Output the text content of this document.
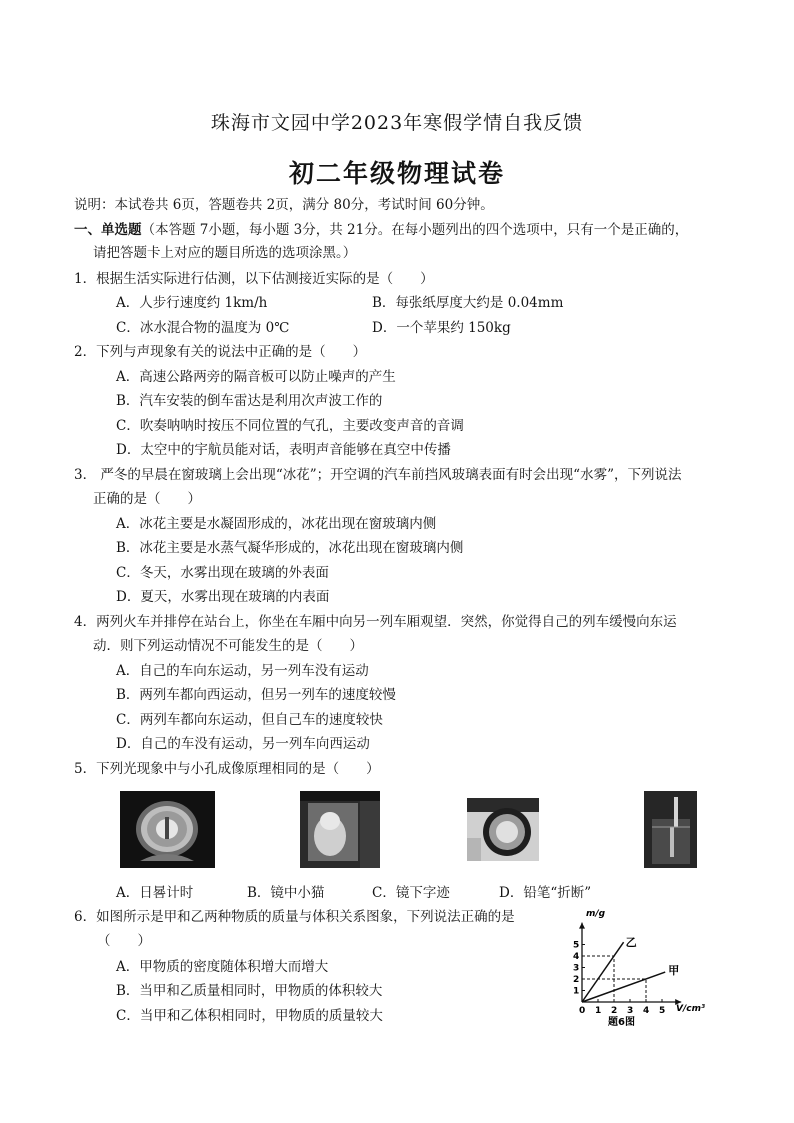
珠海市文园中学2023年寒假学情自我反馈
初二年级物理试卷
说明：本试卷共 6页，答题卷共 2页，满分 80分，考试时间 60分钟。
一、单选题（本答题 7小题，每小题 3分，共 21分。在每小题列出的四个选项中，只有一个是正确的，
请把答题卡上对应的题目所选的选项涂黑。）
1．根据生活实际进行估测，以下估测接近实际的是（　　）
A．人步行速度约 1km/h	B．每张纸厚度大约是 0.04mm
C．冰水混合物的温度为 0℃	D．一个苹果约 150kg
2．下列与声现象有关的说法中正确的是（　　）
A．高速公路两旁的隔音板可以防止噪声的产生
B．汽车安装的倒车雷达是利用次声波工作的
C．吹奏呐呐时按压不同位置的气孔，主要改变声音的音调
D．太空中的宇航员能对话，表明声音能够在真空中传播
3． 严冬的早晨在窗玻璃上会出现“冰花”；开空调的汽车前挡风玻璃表面有时会出现“水雾”，下列说法
正确的是（　　）
A．冰花主要是水凝固形成的，冰花出现在窗玻璃内侧
B．冰花主要是水蒸气凝华形成的，冰花出现在窗玻璃内侧
C．冬天，水雾出现在玻璃的外表面
D．夏天，水雾出现在玻璃的内表面
4．两列火车并排停在站台上，你坐在车厢中向另一列车厢观望．突然，你觉得自己的列车缓慢向东运
动．则下列运动情况不可能发生的是（　　）
A．自己的车向东运动，另一列车没有运动
B．两列车都向西运动，但另一列车的速度较慢
C．两列车都向东运动，但自己车的速度较快
D．自己的车没有运动，另一列车向西运动
5．下列光现象中与小孔成像原理相同的是（　　）
A．日晷计时	B．镜中小猫	C．镜下字迹	D．铅笔“折断”
6．如图所示是甲和乙两种物质的质量与体积关系图象，下列说法正确的是
（　　）
A．甲物质的密度随体积增大而增大
B．当甲和乙质量相同时，甲物质的体积较大
C．当甲和乙体积相同时，甲物质的质量较大
乙
甲
0 1 2 3 4 5
1
2
3
4
5
m/g
V/cm³
题6图
